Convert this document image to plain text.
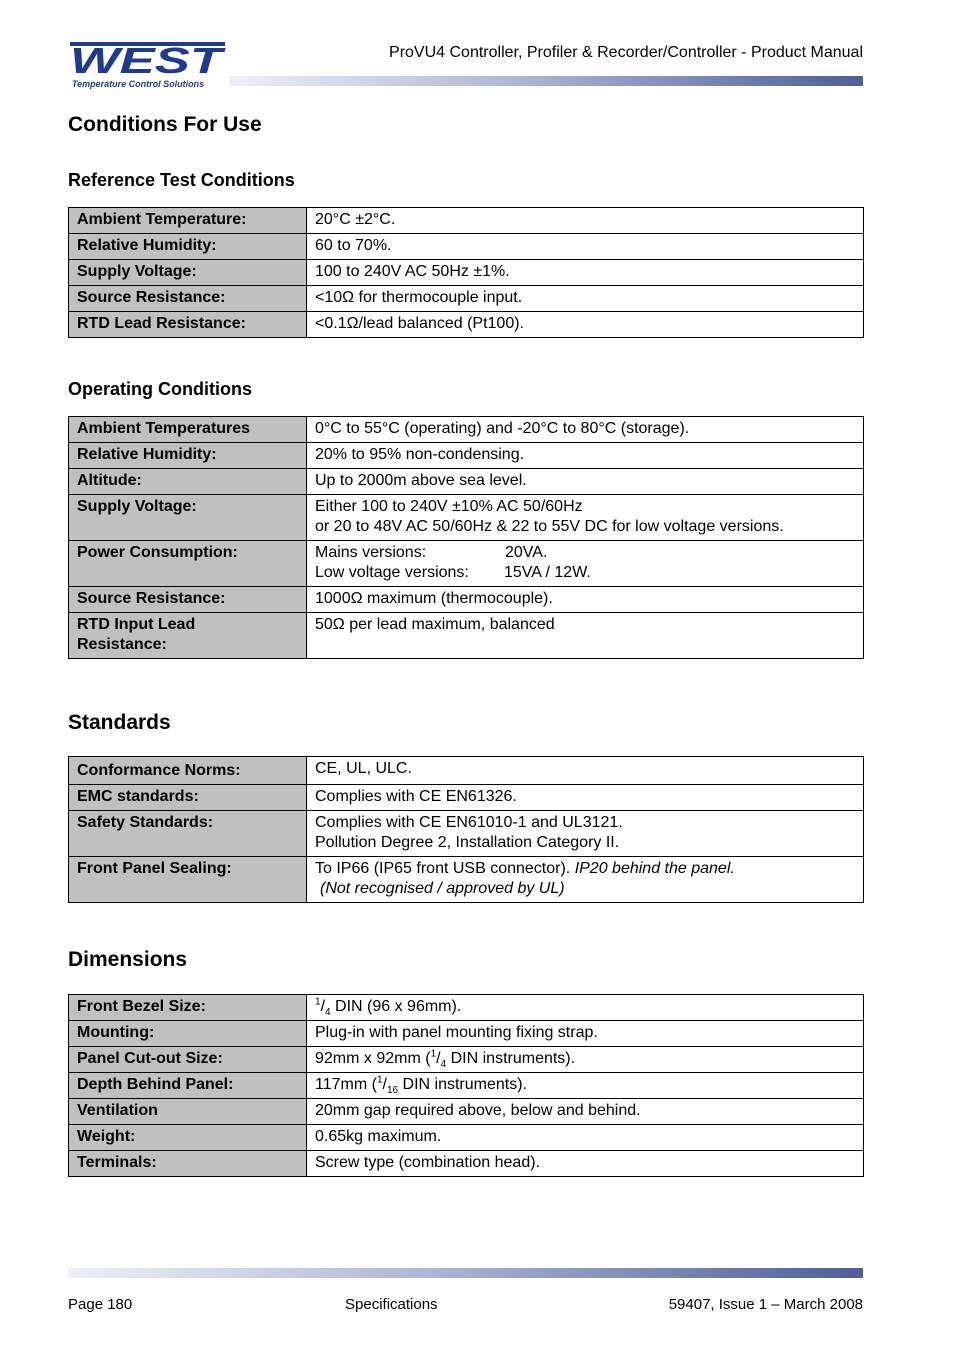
WEST
Temperature Control Solutions
ProVU4 Controller, Profiler & Recorder/Controller - Product Manual
Conditions For Use
Reference Test Conditions
Ambient Temperature:	20°C ±2°C.
Relative Humidity:	60 to 70%.
Supply Voltage:	100 to 240V AC 50Hz ±1%.
Source Resistance:	<10Ω for thermocouple input.
RTD Lead Resistance:	<0.1Ω/lead balanced (Pt100).
Operating Conditions
Ambient Temperatures	0°C to 55°C (operating) and -20°C to 80°C (storage).
Relative Humidity:	20% to 95% non-condensing.
Altitude:	Up to 2000m above sea level.
Supply Voltage:	Either 100 to 240V ±10% AC 50/60Hz
or 20 to 48V AC 50/60Hz & 22 to 55V DC for low voltage versions.

Power Consumption:	Mains versions: 20VA.
Low voltage versions: 15VA / 12W.

Source Resistance:	1000Ω maximum (thermocouple).

RTD Input Lead
Resistance:	50Ω per lead maximum, balanced
Standards
Conformance Norms:	CE, UL, ULC.
EMC standards:	Complies with CE EN61326.
Safety Standards:	Complies with CE EN61010-1 and UL3121.
Pollution Degree 2, Installation Category II.

Front Panel Sealing:	To IP66 (IP65 front USB connector). IP20 behind the panel.
(Not recognised / approved by UL)
Dimensions
Front Bezel Size:	$^1/_4$ DIN (96 x 96mm).
Mounting:	Plug-in with panel mounting fixing strap.
Panel Cut-out Size:	92mm x 92mm ($^1/_4$ DIN instruments).
Depth Behind Panel:	117mm ($^1/_{16}$ DIN instruments).
Ventilation	20mm gap required above, below and behind.
Weight:	0.65kg maximum.
Terminals:	Screw type (combination head).
Page 180	Specifications	59407, Issue 1 – March 2008
